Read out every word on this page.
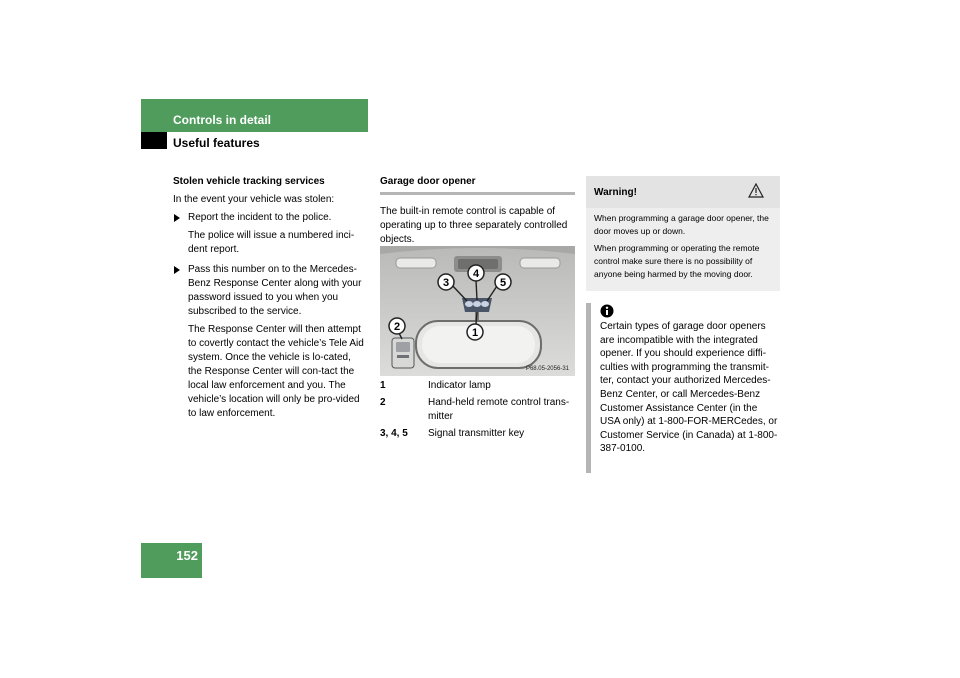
Controls in detail
Useful features

Stolen vehicle tracking services

In the event your vehicle was stolen:

Report the incident to the police.

The police will issue a numbered inci-dent report.

Pass this number on to the Mercedes-Benz Response Center along with your password issued to you when you subscribed to the service.

The Response Center will then attempt to covertly contact the vehicle’s Tele Aid system. Once the vehicle is lo-cated, the Response Center will con-tact the local law enforcement and you. The vehicle’s location will only be pro-vided to law enforcement.

Garage door opener

The built-in remote control is capable of operating up to three separately controlled objects.

3
4
5
1
2
P68.05-2056-31
1	Indicator lamp
2	Hand-held remote control trans-mitter
3, 4, 5	Signal transmitter key
Warning!

When programming a garage door opener, the door moves up or down.

When programming or operating the remote control make sure there is no possibility of anyone being harmed by the moving door.

Certain types of garage door openers are incompatible with the integrated opener. If you should experience diffi-culties with programming the transmit-ter, contact your authorized Mercedes-Benz Center, or call Mercedes-Benz Customer Assistance Center (in the USA only) at 1-800-FOR-MERCedes, or Customer Service (in Canada) at 1-800-387-0100.

152
